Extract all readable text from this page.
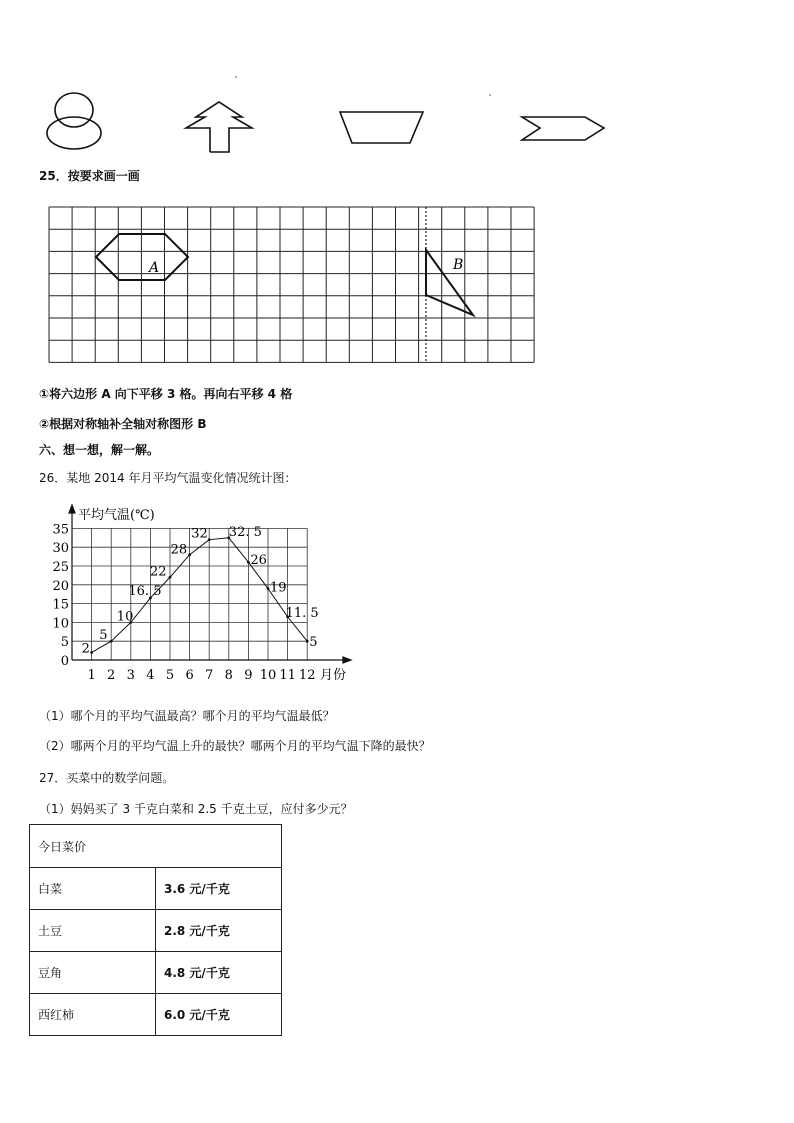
25．按要求画一画
A	B
①将六边形 A 向下平移 3 格。再向右平移 4 格
②根据对称轴补全轴对称图形 B
六、想一想，解一解。
26．某地 2014 年月平均气温变化情况统计图：
平均气温(℃)
月份
0
5
10
15
20
25
30
35
1 2 3 4 5 6 7 8 9 10 11 12
2
5
10
16. 5
22
28
32 32. 5
26
19
11. 5
5
（1）哪个月的平均气温最高？哪个月的平均气温最低？
（2）哪两个月的平均气温上升的最快？哪两个月的平均气温下降的最快？
27．买菜中的数学问题。
（1）妈妈买了 3 千克白菜和 2.5 千克土豆，应付多少元？
今日菜价	
白菜	3.6 元/千克
土豆	2.8 元/千克
豆角	4.8 元/千克
西红柿	6.0 元/千克
